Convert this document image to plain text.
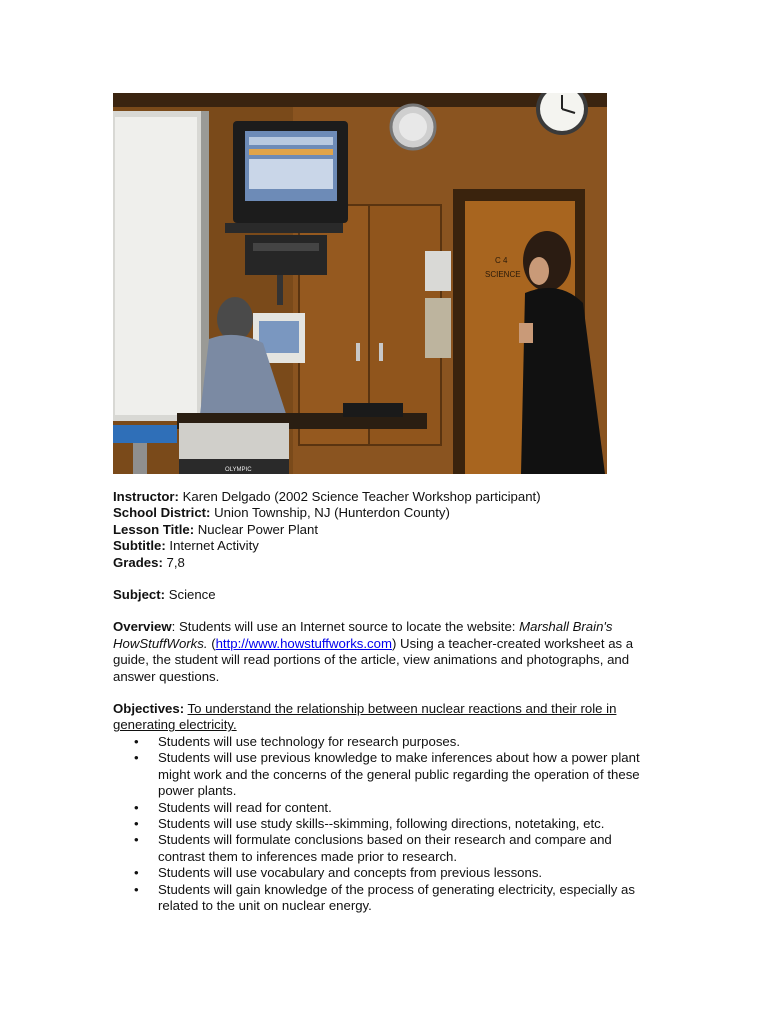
C 4
SCIENCE
OLYMPIC
Instructor: Karen Delgado (2002 Science Teacher Workshop participant)
School District: Union Township, NJ (Hunterdon County)
Lesson Title: Nuclear Power Plant
Subtitle: Internet Activity
Grades: 7,8
Subject: Science
Overview: Students will use an Internet source to locate the website: Marshall Brain's HowStuffWorks. (http://www.howstuffworks.com) Using a teacher-created worksheet as a guide, the student will read portions of the article, view animations and photographs, and answer questions.
Objectives: To understand the relationship between nuclear reactions and their role in generating electricity.
• Students will use technology for research purposes.
• Students will use previous knowledge to make inferences about how a power plant might work and the concerns of the general public regarding the operation of these power plants.
• Students will read for content.
• Students will use study skills--skimming, following directions, notetaking, etc.
• Students will formulate conclusions based on their research and compare and contrast them to inferences made prior to research.
• Students will use vocabulary and concepts from previous lessons.
• Students will gain knowledge of the process of generating electricity, especially as related to the unit on nuclear energy.
